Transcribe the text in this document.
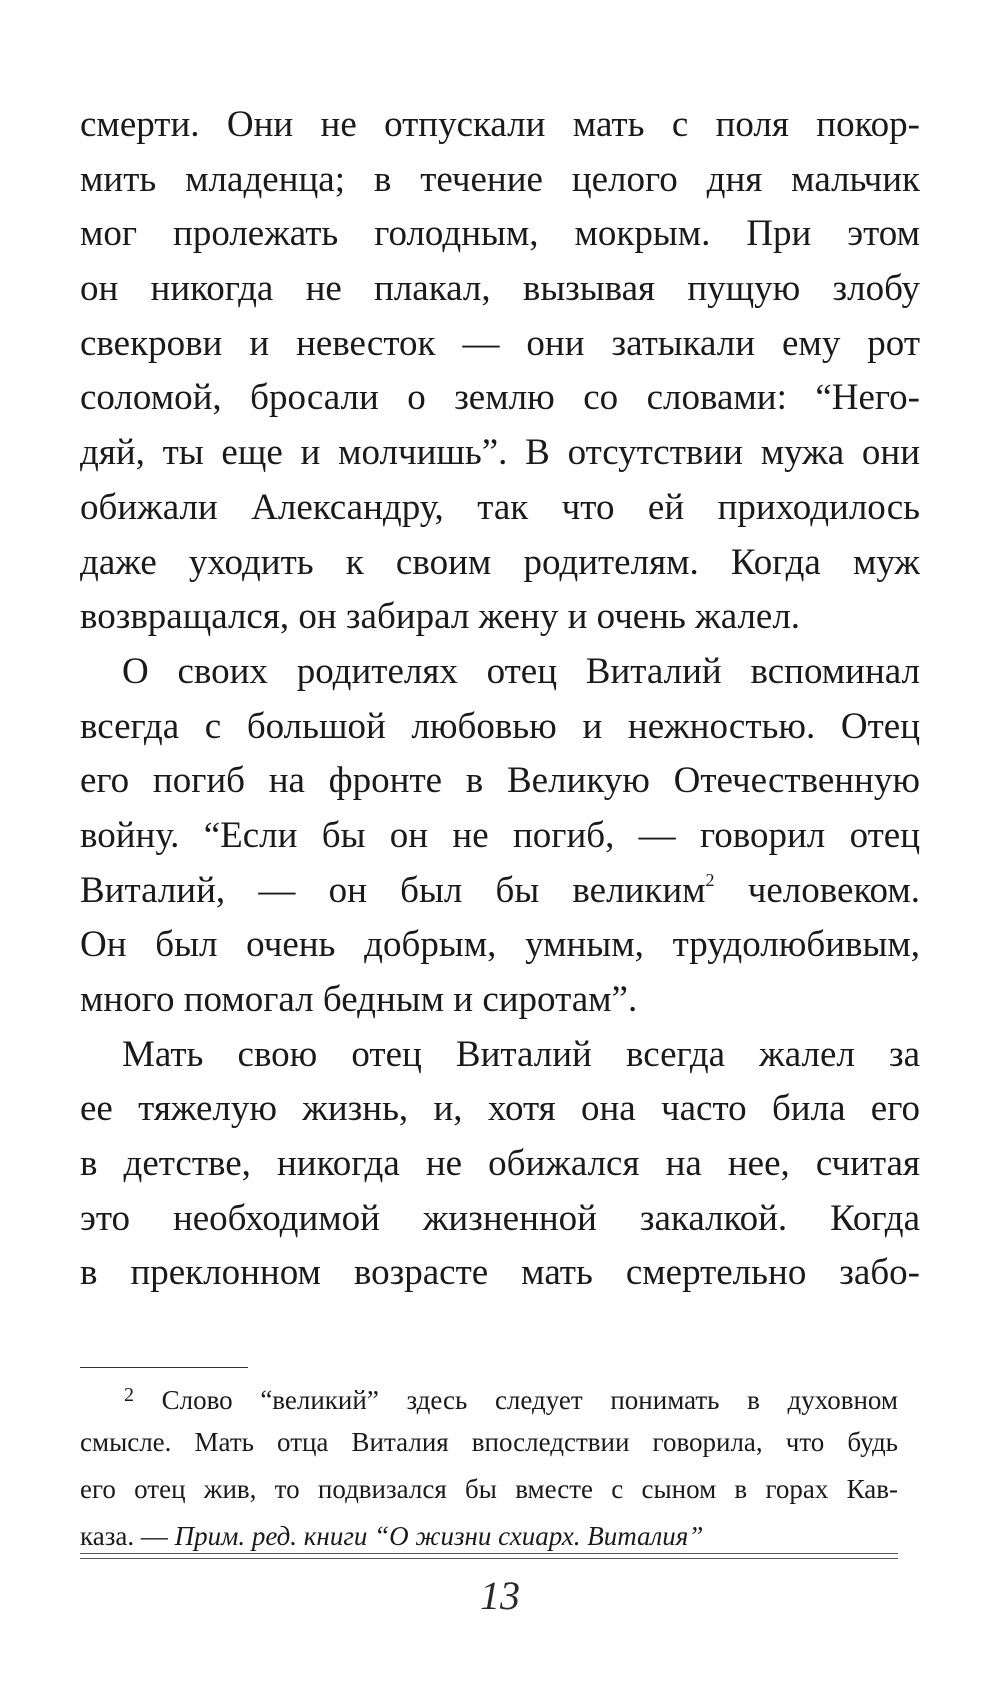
смерти. Они не отпускали мать с поля покор-
мить младенца; в течение целого дня мальчик
мог пролежать голодным, мокрым. При этом
он никогда не плакал, вызывая пущую злобу
свекрови и невесток — они затыкали ему рот
соломой, бросали о землю со словами: “Него-
дяй, ты еще и молчишь”. В отсутствии мужа они
обижали Александру, так что ей приходилось
даже уходить к своим родителям. Когда муж
возвращался, он забирал жену и очень жалел.
О своих родителях отец Виталий вспоминал
всегда с большой любовью и нежностью. Отец
его погиб на фронте в Великую Отечественную
войну. “Если бы он не погиб, — говорил отец
Виталий, — он был бы великим$^2$ человеком.
Он был очень добрым, умным, трудолюбивым,
много помогал бедным и сиротам”.
Мать свою отец Виталий всегда жалел за
ее тяжелую жизнь, и, хотя она часто била его
в детстве, никогда не обижался на нее, считая
это необходимой жизненной закалкой. Когда
в преклонном возрасте мать смертельно забо-
$^2$ Слово “великий” здесь следует понимать в духовном
смысле. Мать отца Виталия впоследствии говорила, что будь
его отец жив, то подвизался бы вместе с сыном в горах Кав-
каза. — Прим. ред. книги “О жизни схиарх. Виталия”
13
